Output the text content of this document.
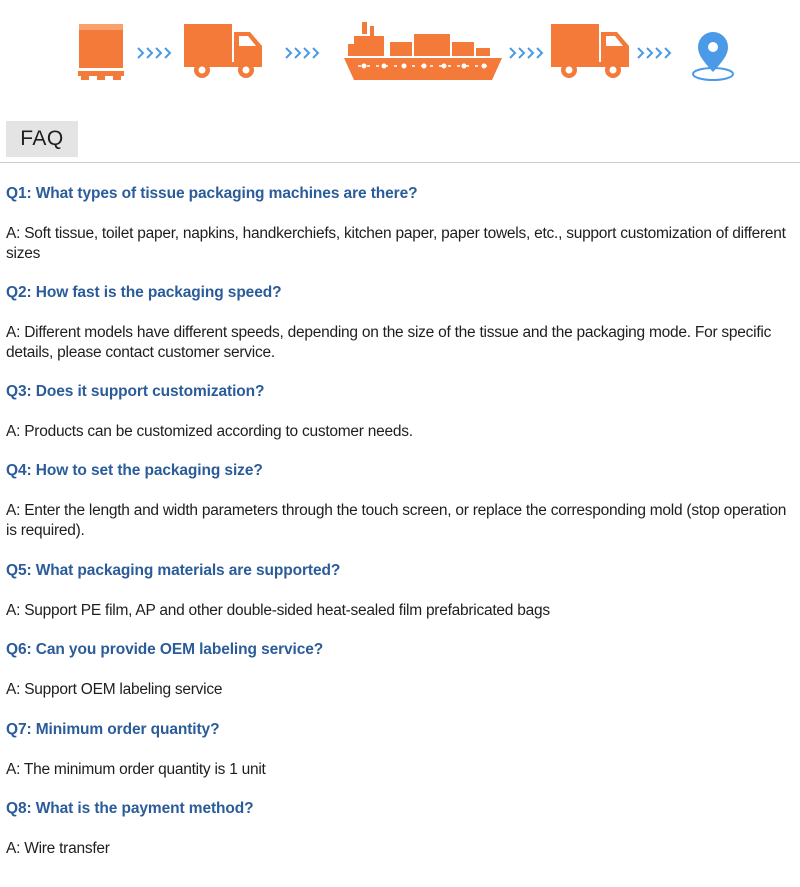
FAQ

Q1: What types of tissue packaging machines are there?

A: Soft tissue, toilet paper, napkins, handkerchiefs, kitchen paper, paper towels, etc., support customization of different sizes

Q2: How fast is the packaging speed?

A: Different models have different speeds, depending on the size of the tissue and the packaging mode. For specific details, please contact customer service.

Q3: Does it support customization?

A: Products can be customized according to customer needs.

Q4: How to set the packaging size?

A: Enter the length and width parameters through the touch screen, or replace the corresponding mold (stop operation is required).

Q5: What packaging materials are supported?

A: Support PE film, AP and other double-sided heat-sealed film prefabricated bags

Q6: Can you provide OEM labeling service?

A: Support OEM labeling service

Q7: Minimum order quantity?

A: The minimum order quantity is 1 unit

Q8: What is the payment method?

A: Wire transfer
